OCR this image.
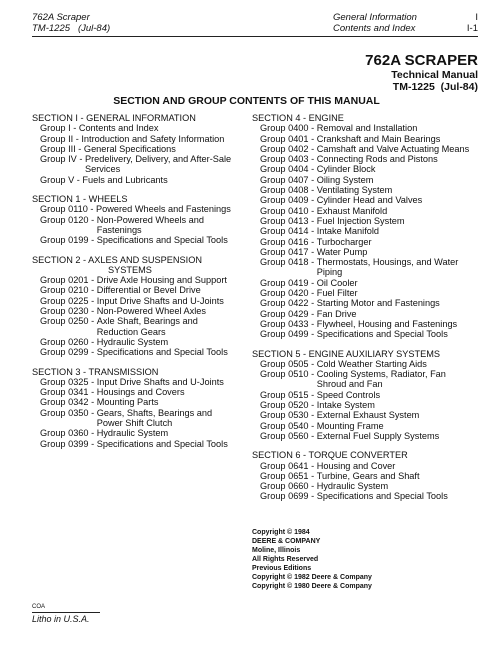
762A Scraper
TM-1225 (Jul-84)
General Information
Contents and Index
I
I-1
762A SCRAPER
Technical Manual
TM-1225  (Jul-84)
SECTION AND GROUP CONTENTS OF THIS MANUAL
SECTION I - GENERAL INFORMATION
Group I - Contents and Index
Group II - Introduction and Safety Information
Group III - General Specifications
Group IV - Predelivery, Delivery, and After-Sale Services
Group V - Fuels and Lubricants
SECTION 1 - WHEELS
Group 0110 - Powered Wheels and Fastenings
Group 0120 - Non-Powered Wheels and Fastenings
Group 0199 - Specifications and Special Tools
SECTION 2 - AXLES AND SUSPENSION
SYSTEMS
Group 0201 - Drive Axle Housing and Support
Group 0210 - Differential or Bevel Drive
Group 0225 - Input Drive Shafts and U-Joints
Group 0230 - Non-Powered Wheel Axles
Group 0250 - Axle Shaft, Bearings and Reduction Gears
Group 0260 - Hydraulic System
Group 0299 - Specifications and Special Tools
SECTION 3 - TRANSMISSION
Group 0325 - Input Drive Shafts and U-Joints
Group 0341 - Housings and Covers
Group 0342 - Mounting Parts
Group 0350 - Gears, Shafts, Bearings and Power Shift Clutch
Group 0360 - Hydraulic System
Group 0399 - Specifications and Special Tools
SECTION 4 - ENGINE
Group 0400 - Removal and Installation
Group 0401 - Crankshaft and Main Bearings
Group 0402 - Camshaft and Valve Actuating Means
Group 0403 - Connecting Rods and Pistons
Group 0404 - Cylinder Block
Group 0407 - Oiling System
Group 0408 - Ventilating System
Group 0409 - Cylinder Head and Valves
Group 0410 - Exhaust Manifold
Group 0413 - Fuel Injection System
Group 0414 - Intake Manifold
Group 0416 - Turbocharger
Group 0417 - Water Pump
Group 0418 - Thermostats, Housings, and Water Piping
Group 0419 - Oil Cooler
Group 0420 - Fuel Filter
Group 0422 - Starting Motor and Fastenings
Group 0429 - Fan Drive
Group 0433 - Flywheel, Housing and Fastenings
Group 0499 - Specifications and Special Tools
SECTION 5 - ENGINE AUXILIARY SYSTEMS
Group 0505 - Cold Weather Starting Aids
Group 0510 - Cooling Systems, Radiator, Fan Shroud and Fan
Group 0515 - Speed Controls
Group 0520 - Intake System
Group 0530 - External Exhaust System
Group 0540 - Mounting Frame
Group 0560 - External Fuel Supply Systems
SECTION 6 - TORQUE CONVERTER
Group 0641 - Housing and Cover
Group 0651 - Turbine, Gears and Shaft
Group 0660 - Hydraulic System
Group 0699 - Specifications and Special Tools
Copyright © 1984
DEERE & COMPANY
Moline, Illinois
All Rights Reserved
Previous Editions
Copyright © 1982 Deere & Company
Copyright © 1980 Deere & Company
COA
Litho in U.S.A.
